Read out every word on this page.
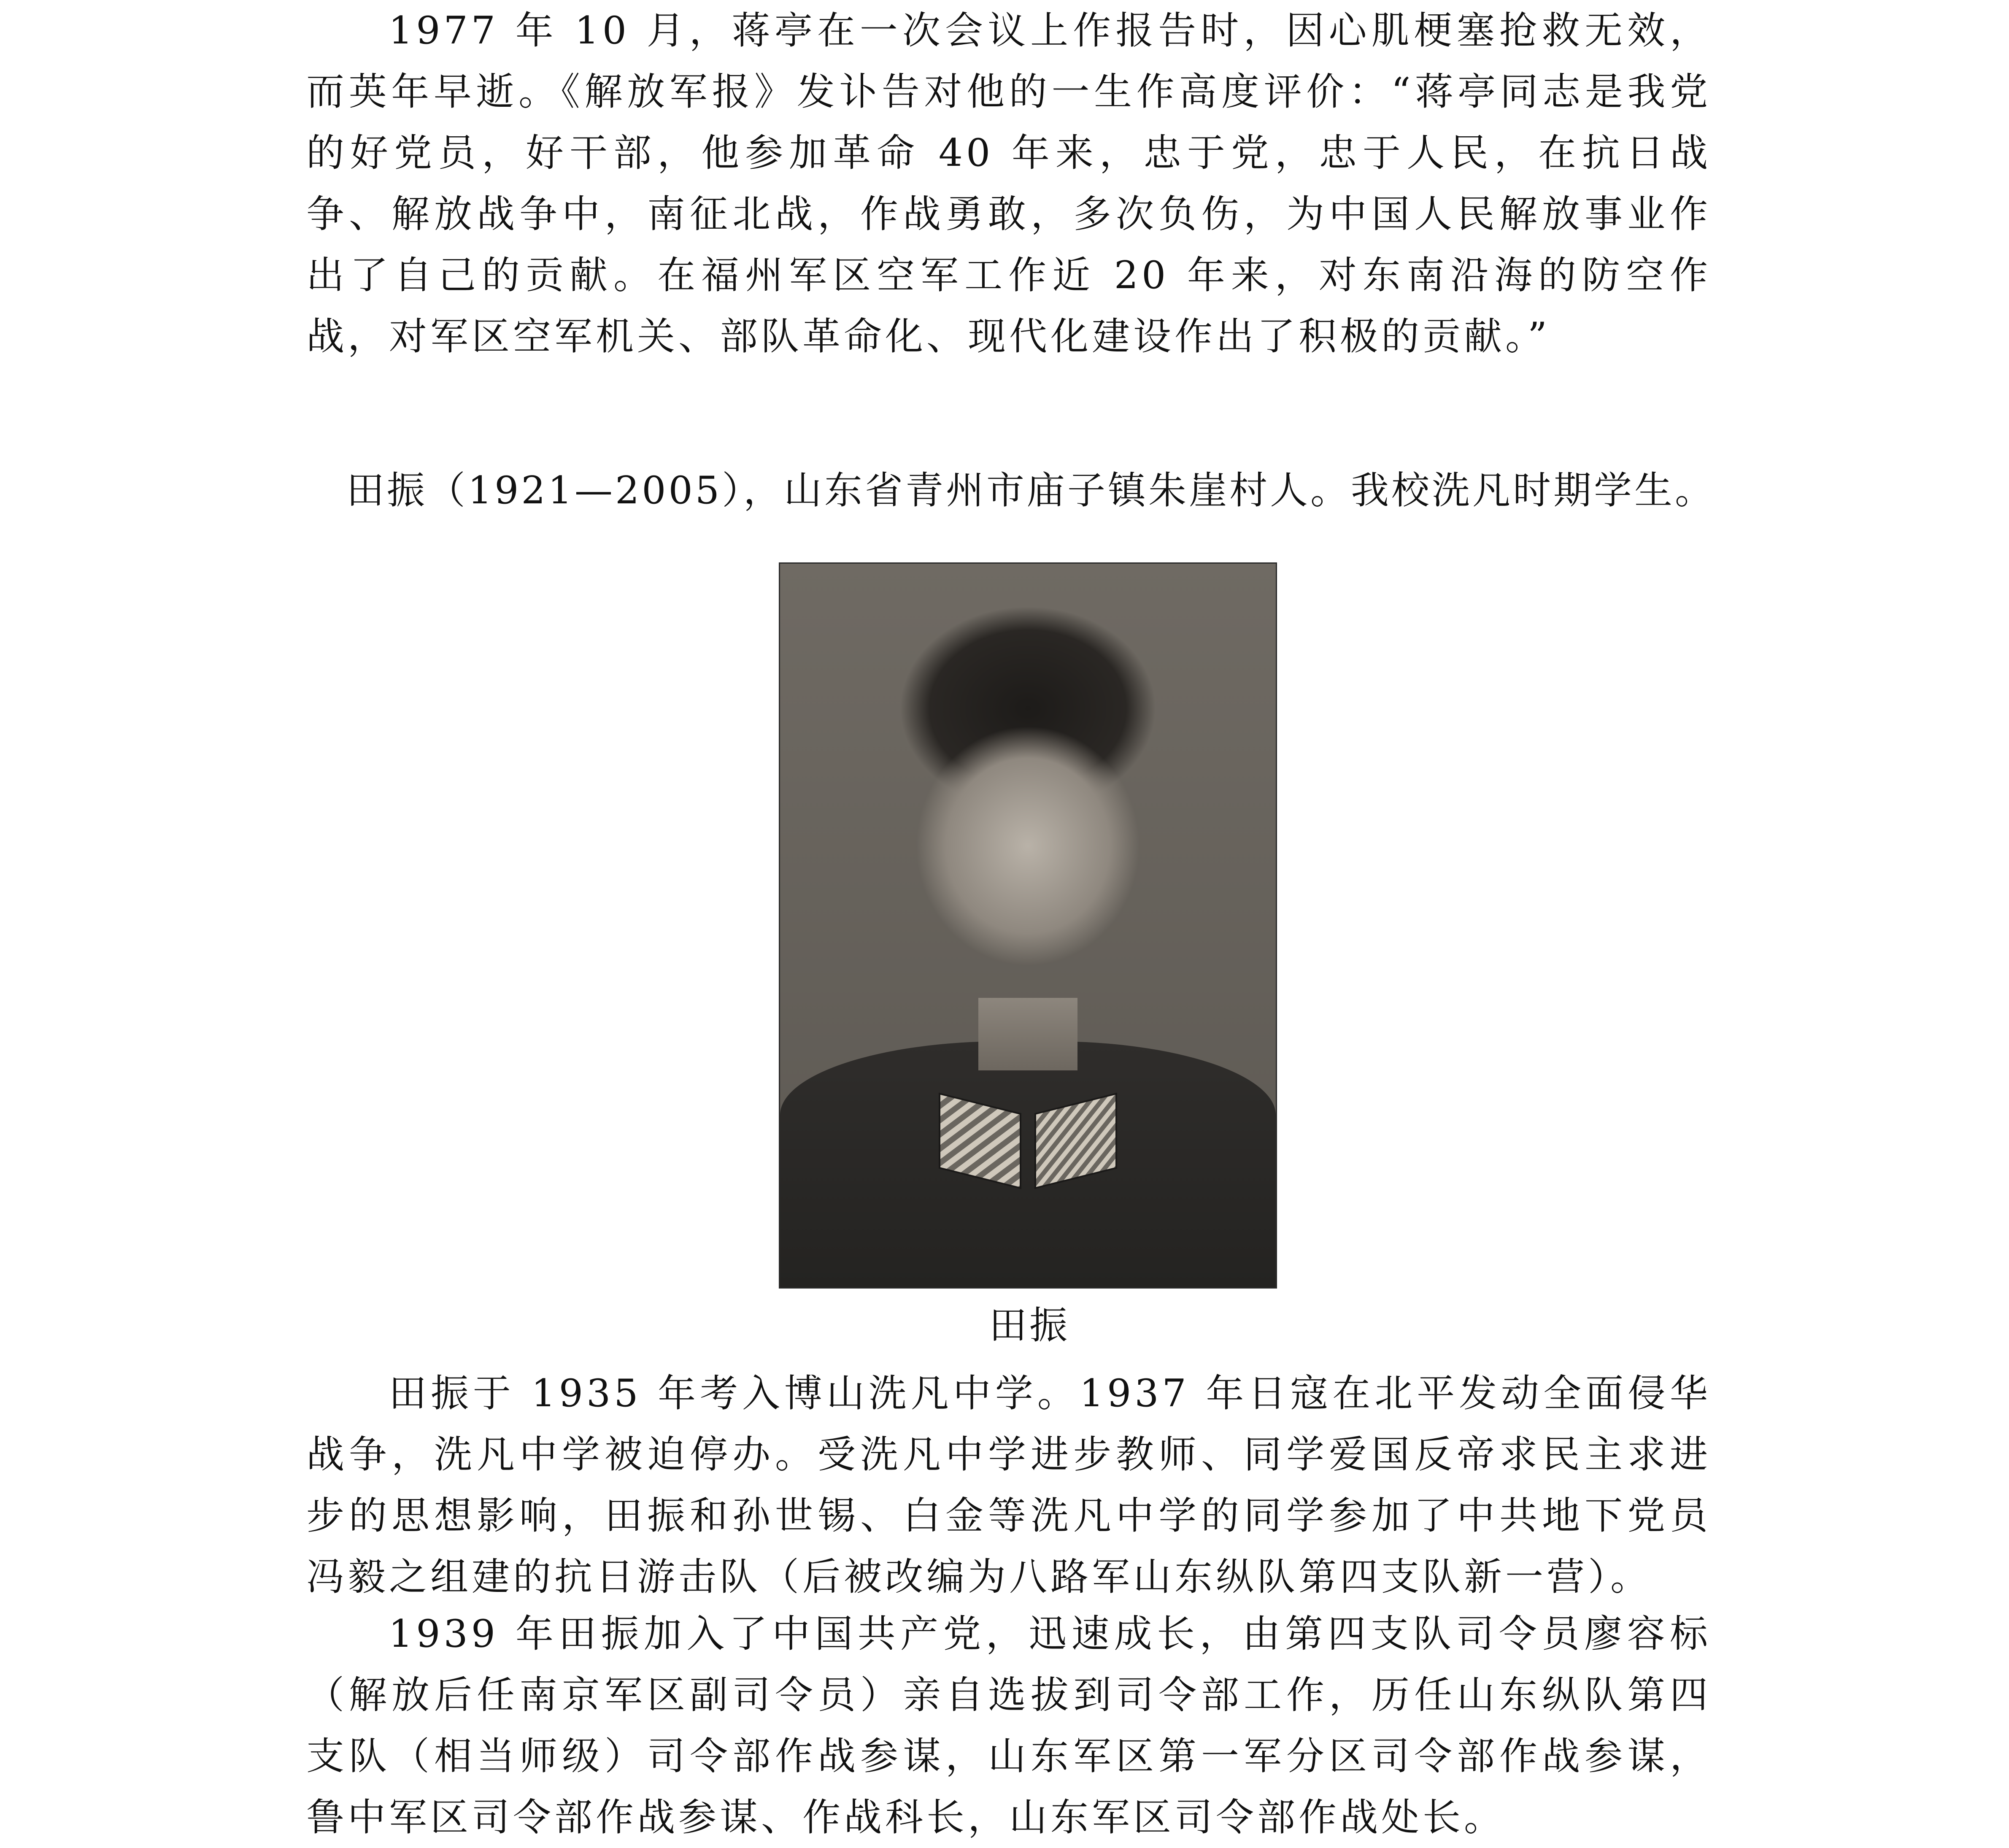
1977 年 10 月，蒋亭在一次会议上作报告时，因心肌梗塞抢救无效，而英年早逝。《解放军报》发讣告对他的一生作高度评价：“蒋亭同志是我党的好党员，好干部，他参加革命 40 年来，忠于党，忠于人民，在抗日战争、解放战争中，南征北战，作战勇敢，多次负伤，为中国人民解放事业作出了自己的贡献。在福州军区空军工作近 20 年来，对东南沿海的防空作战，对军区空军机关、部队革命化、现代化建设作出了积极的贡献。”

田振（1921—2005），山东省青州市庙子镇朱崖村人。我校洗凡时期学生。

田振

田振于 1935 年考入博山洗凡中学。1937 年日寇在北平发动全面侵华战争，洗凡中学被迫停办。受洗凡中学进步教师、同学爱国反帝求民主求进步的思想影响，田振和孙世锡、白金等洗凡中学的同学参加了中共地下党员冯毅之组建的抗日游击队（后被改编为八路军山东纵队第四支队新一营）。

1939 年田振加入了中国共产党，迅速成长，由第四支队司令员廖容标（解放后任南京军区副司令员）亲自选拔到司令部工作，历任山东纵队第四支队（相当师级）司令部作战参谋，山东军区第一军分区司令部作战参谋，鲁中军区司令部作战参谋、作战科长，山东军区司令部作战处长。
